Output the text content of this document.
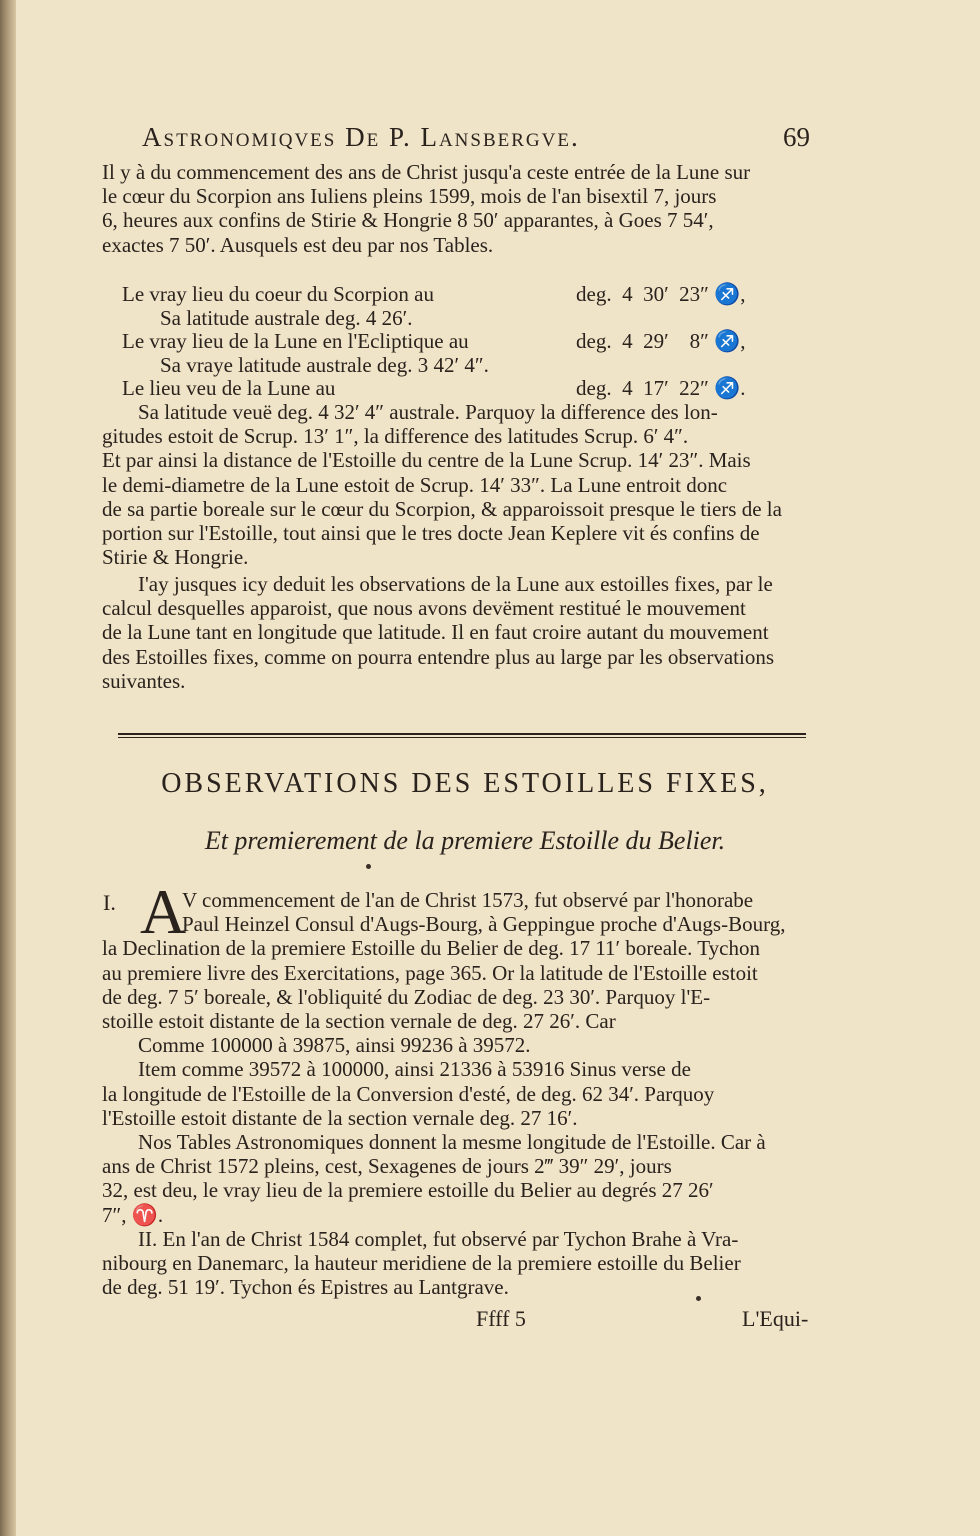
Astronomiqves De P. Lansbergve.	69

Il y à du commencement des ans de Christ jusqu'a ceste entrée de la Lune sur

le cœur du Scorpion ans Iuliens pleins 1599, mois de l'an bisextil 7, jours

6, heures aux confins de Stirie & Hongrie 8 50′ apparantes, à Goes 7 54′,

exactes 7 50′. Ausquels est deu par nos Tables.

Le vray lieu du coeur du Scorpion au	deg.  4  30′  23″ ♐,
Sa latitude australe deg. 4 26′.
Le vray lieu de la Lune en l'Ecliptique au	deg.  4  29′    8″ ♐,
Sa vraye latitude australe deg. 3 42′ 4″.
Le lieu veu de la Lune au	deg.  4  17′  22″ ♐.

Sa latitude veuë deg. 4 32′ 4″ australe. Parquoy la difference des lon-

gitudes estoit de Scrup. 13′ 1″, la difference des latitudes Scrup. 6′ 4″.

Et par ainsi la distance de l'Estoille du centre de la Lune Scrup. 14′ 23″. Mais

le demi-diametre de la Lune estoit de Scrup. 14′ 33″. La Lune entroit donc

de sa partie boreale sur le cœur du Scorpion, & apparoissoit presque le tiers de la

portion sur l'Estoille, tout ainsi que le tres docte Jean Keplere vit és confins de

Stirie & Hongrie.

I'ay jusques icy deduit les observations de la Lune aux estoilles fixes, par le

calcul desquelles apparoist, que nous avons devëment restitué le mouvement

de la Lune tant en longitude que latitude. Il en faut croire autant du mouvement

des Estoilles fixes, comme on pourra entendre plus au large par les observations

suivantes.

OBSERVATIONS DES ESTOILLES FIXES,
Et premierement de la premiere Estoille du Belier.
I. A

V commencement de l'an de Christ 1573, fut observé par l'honorabe

Paul Heinzel Consul d'Augs-Bourg, à Geppingue proche d'Augs-Bourg,

la Declination de la premiere Estoille du Belier de deg. 17 11′ boreale. Tychon

au premiere livre des Exercitations, page 365. Or la latitude de l'Estoille estoit

de deg. 7 5′ boreale, & l'obliquité du Zodiac de deg. 23 30′. Parquoy l'E-

stoille estoit distante de la section vernale de deg. 27 26′. Car

Comme 100000 à 39875, ainsi 99236 à 39572.

Item comme 39572 à 100000, ainsi 21336 à 53916 Sinus verse de

la longitude de l'Estoille de la Conversion d'esté, de deg. 62 34′. Parquoy

l'Estoille estoit distante de la section vernale deg. 27 16′.

Nos Tables Astronomiques donnent la mesme longitude de l'Estoille. Car à

ans de Christ 1572 pleins, cest, Sexagenes de jours 2‴ 39″ 29′, jours

32, est deu, le vray lieu de la premiere estoille du Belier au degrés 27 26′

7″, ♈.

II. En l'an de Christ 1584 complet, fut observé par Tychon Brahe à Vra-

nibourg en Danemarc, la hauteur meridiene de la premiere estoille du Belier

de deg. 51 19′. Tychon és Epistres au Lantgrave.

Ffff 5	L'Equi-
